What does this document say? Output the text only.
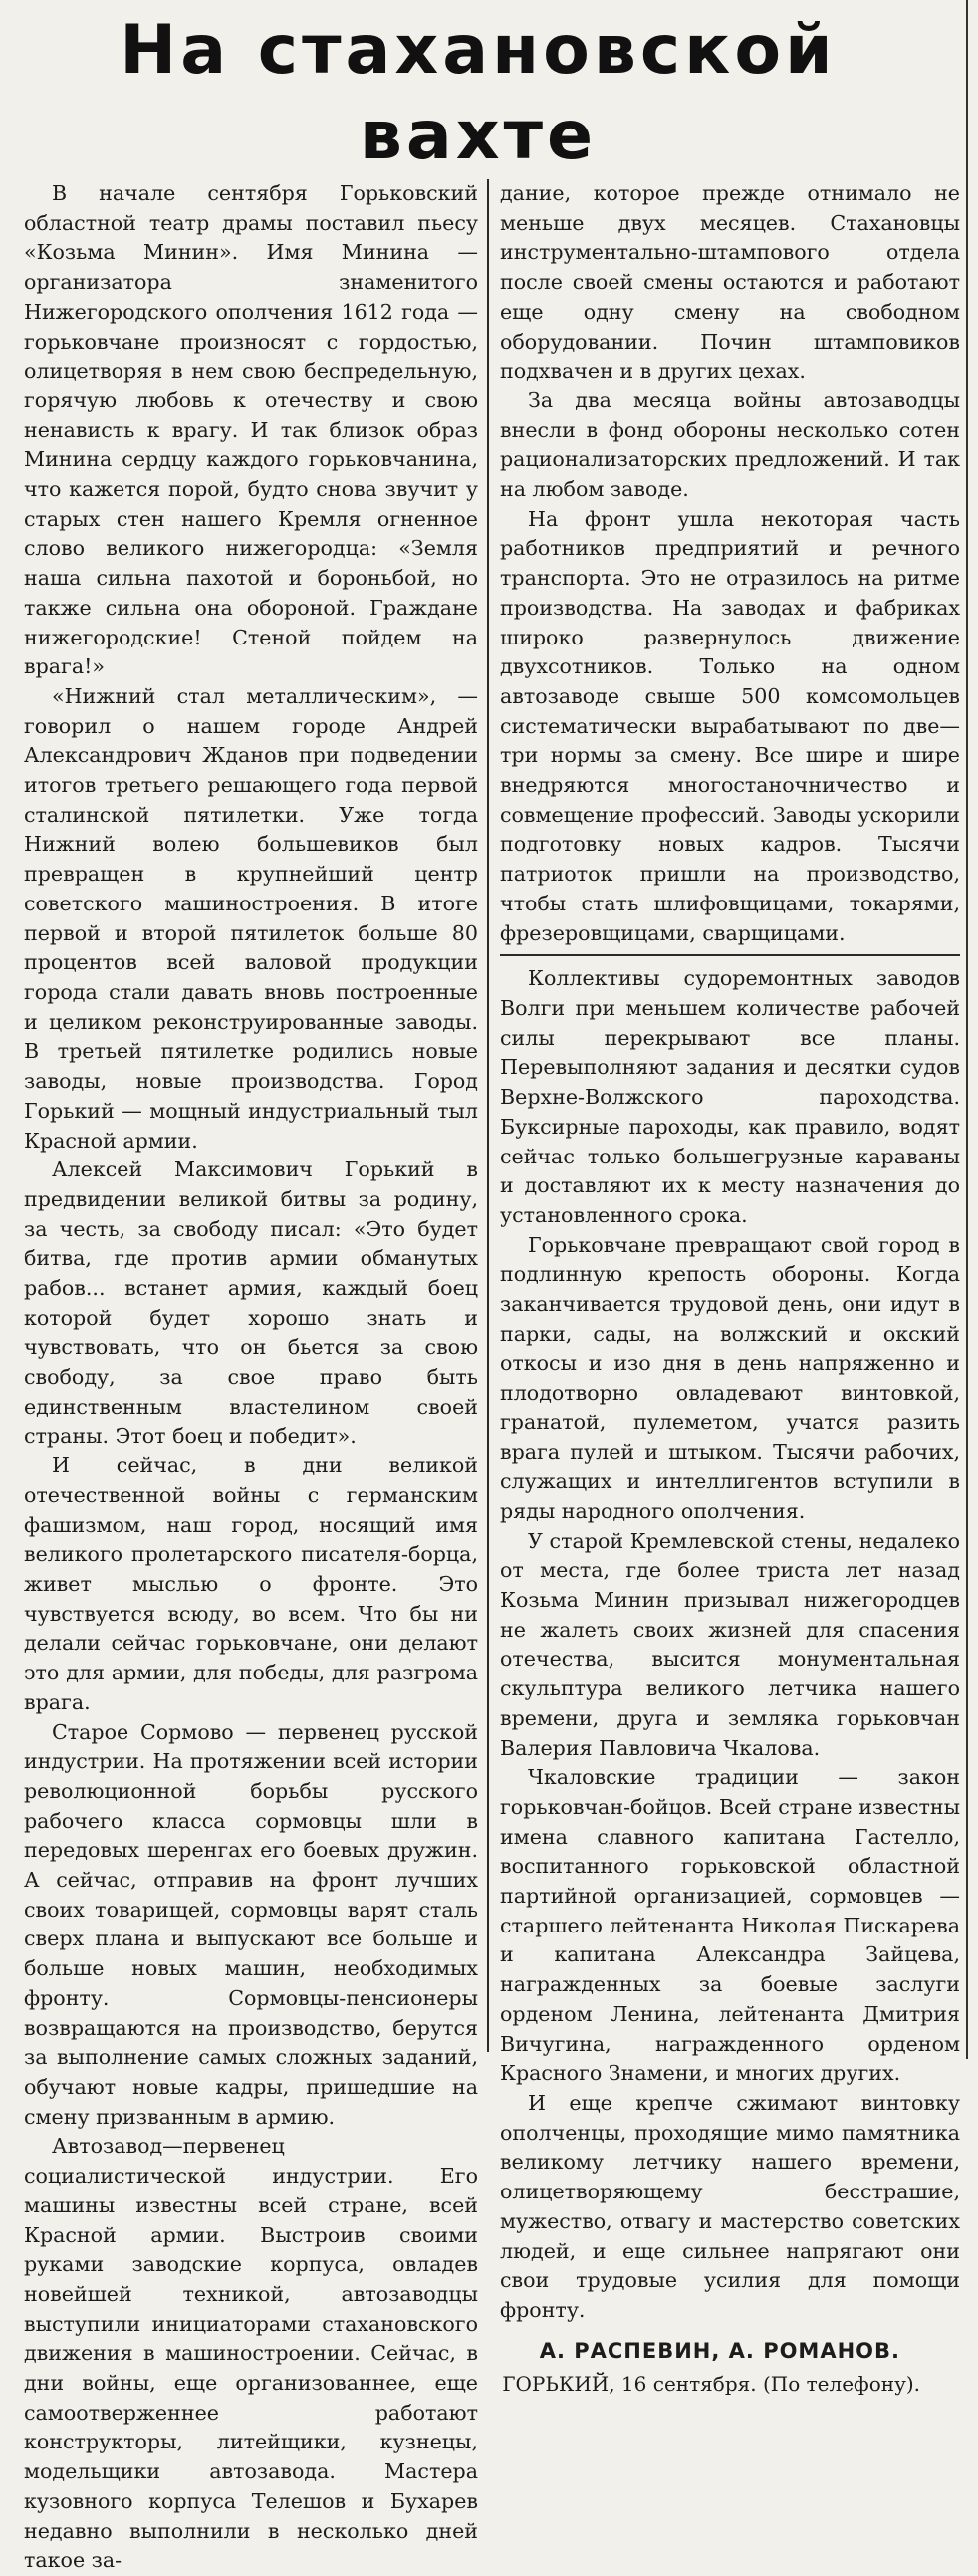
На стахановской вахте

В начале сентября Горьковский областной театр драмы поставил пьесу «Козьма Минин». Имя Минина — организатора знаменитого Нижегородского ополчения 1612 года — горьковчане произносят с гордостью, олицетворяя в нем свою беспредельную, горячую любовь к отечеству и свою ненависть к врагу. И так близок образ Минина сердцу каждого горьковчанина, что кажется порой, будто снова звучит у старых стен нашего Кремля огненное слово великого нижегородца: «Земля наша сильна пахотой и бороньбой, но также сильна она обороной. Граждане нижегородские! Стеной пойдем на врага!»

«Нижний стал металлическим», — говорил о нашем городе Андрей Александрович Жданов при подведении итогов третьего решающего года первой сталинской пятилетки. Уже тогда Нижний волею большевиков был превращен в крупнейший центр советского машиностроения. В итоге первой и второй пятилеток больше 80 процентов всей валовой продукции города стали давать вновь построенные и целиком реконструированные заводы. В третьей пятилетке родились новые заводы, новые производства. Город Горький — мощный индустриальный тыл Красной армии.

Алексей Максимович Горький в предвидении великой битвы за родину, за честь, за свободу писал: «Это будет битва, где против армии обманутых рабов... встанет армия, каждый боец которой будет хорошо знать и чувствовать, что он бьется за свою свободу, за свое право быть единственным властелином своей страны. Этот боец и победит».

И сейчас, в дни великой отечественной войны с германским фашизмом, наш город, носящий имя великого пролетарского писателя-борца, живет мыслью о фронте. Это чувствуется всюду, во всем. Что бы ни делали сейчас горьковчане, они делают это для армии, для победы, для разгрома врага.

Старое Сормово — первенец русской индустрии. На протяжении всей истории революционной борьбы русского рабочего класса сормовцы шли в передовых шеренгах его боевых дружин. А сейчас, отправив на фронт лучших своих товарищей, сормовцы варят сталь сверх плана и выпускают все больше и больше новых машин, необходимых фронту. Сормовцы-пенсионеры возвращаются на производство, берутся за выполнение самых сложных заданий, обучают новые кадры, пришедшие на смену призванным в армию.

Автозавод—первенец социалистической индустрии. Его машины известны всей стране, всей Красной армии. Выстроив своими руками заводские корпуса, овладев новейшей техникой, автозаводцы выступили инициаторами стахановского движения в машиностроении. Сейчас, в дни войны, еще организованнее, еще самоотверженнее работают конструкторы, литейщики, кузнецы, модельщики автозавода. Мастера кузовного корпуса Телешов и Бухарев недавно выполнили в несколько дней такое за-

дание, которое прежде отнимало не меньше двух месяцев. Стахановцы инструментально-штампового отдела после своей смены остаются и работают еще одну смену на свободном оборудовании. Почин штамповиков подхвачен и в других цехах.

За два месяца войны автозаводцы внесли в фонд обороны несколько сотен рационализаторских предложений. И так на любом заводе.

На фронт ушла некоторая часть работников предприятий и речного транспорта. Это не отразилось на ритме производства. На заводах и фабриках широко развернулось движение двухсотников. Только на одном автозаводе свыше 500 комсомольцев систематически вырабатывают по две—три нормы за смену. Все шире и шире внедряются многостаночничество и совмещение профессий. Заводы ускорили подготовку новых кадров. Тысячи патриоток пришли на производство, чтобы стать шлифовщицами, токарями, фрезеровщицами, сварщицами.

Коллективы судоремонтных заводов Волги при меньшем количестве рабочей силы перекрывают все планы. Перевыполняют задания и десятки судов Верхне-Волжского пароходства. Буксирные пароходы, как правило, водят сейчас только большегрузные караваны и доставляют их к месту назначения до установленного срока.

Горьковчане превращают свой город в подлинную крепость обороны. Когда заканчивается трудовой день, они идут в парки, сады, на волжский и окский откосы и изо дня в день напряженно и плодотворно овладевают винтовкой, гранатой, пулеметом, учатся разить врага пулей и штыком. Тысячи рабочих, служащих и интеллигентов вступили в ряды народного ополчения.

У старой Кремлевской стены, недалеко от места, где более триста лет назад Козьма Минин призывал нижегородцев не жалеть своих жизней для спасения отечества, высится монументальная скульптура великого летчика нашего времени, друга и земляка горьковчан Валерия Павловича Чкалова.

Чкаловские традиции — закон горьковчан-бойцов. Всей стране известны имена славного капитана Гастелло, воспитанного горьковской областной партийной организацией, сормовцев — старшего лейтенанта Николая Пискарева и капитана Александра Зайцева, награжденных за боевые заслуги орденом Ленина, лейтенанта Дмитрия Вичугина, награжденного орденом Красного Знамени, и многих других.

И еще крепче сжимают винтовку ополченцы, проходящие мимо памятника великому летчику нашего времени, олицетворяющему бесстрашие, мужество, отвагу и мастерство советских людей, и еще сильнее напрягают они свои трудовые усилия для помощи фронту.

А. РАСПЕВИН, А. РОМАНОВ.
ГОРЬКИЙ, 16 сентября. (По телефону).
